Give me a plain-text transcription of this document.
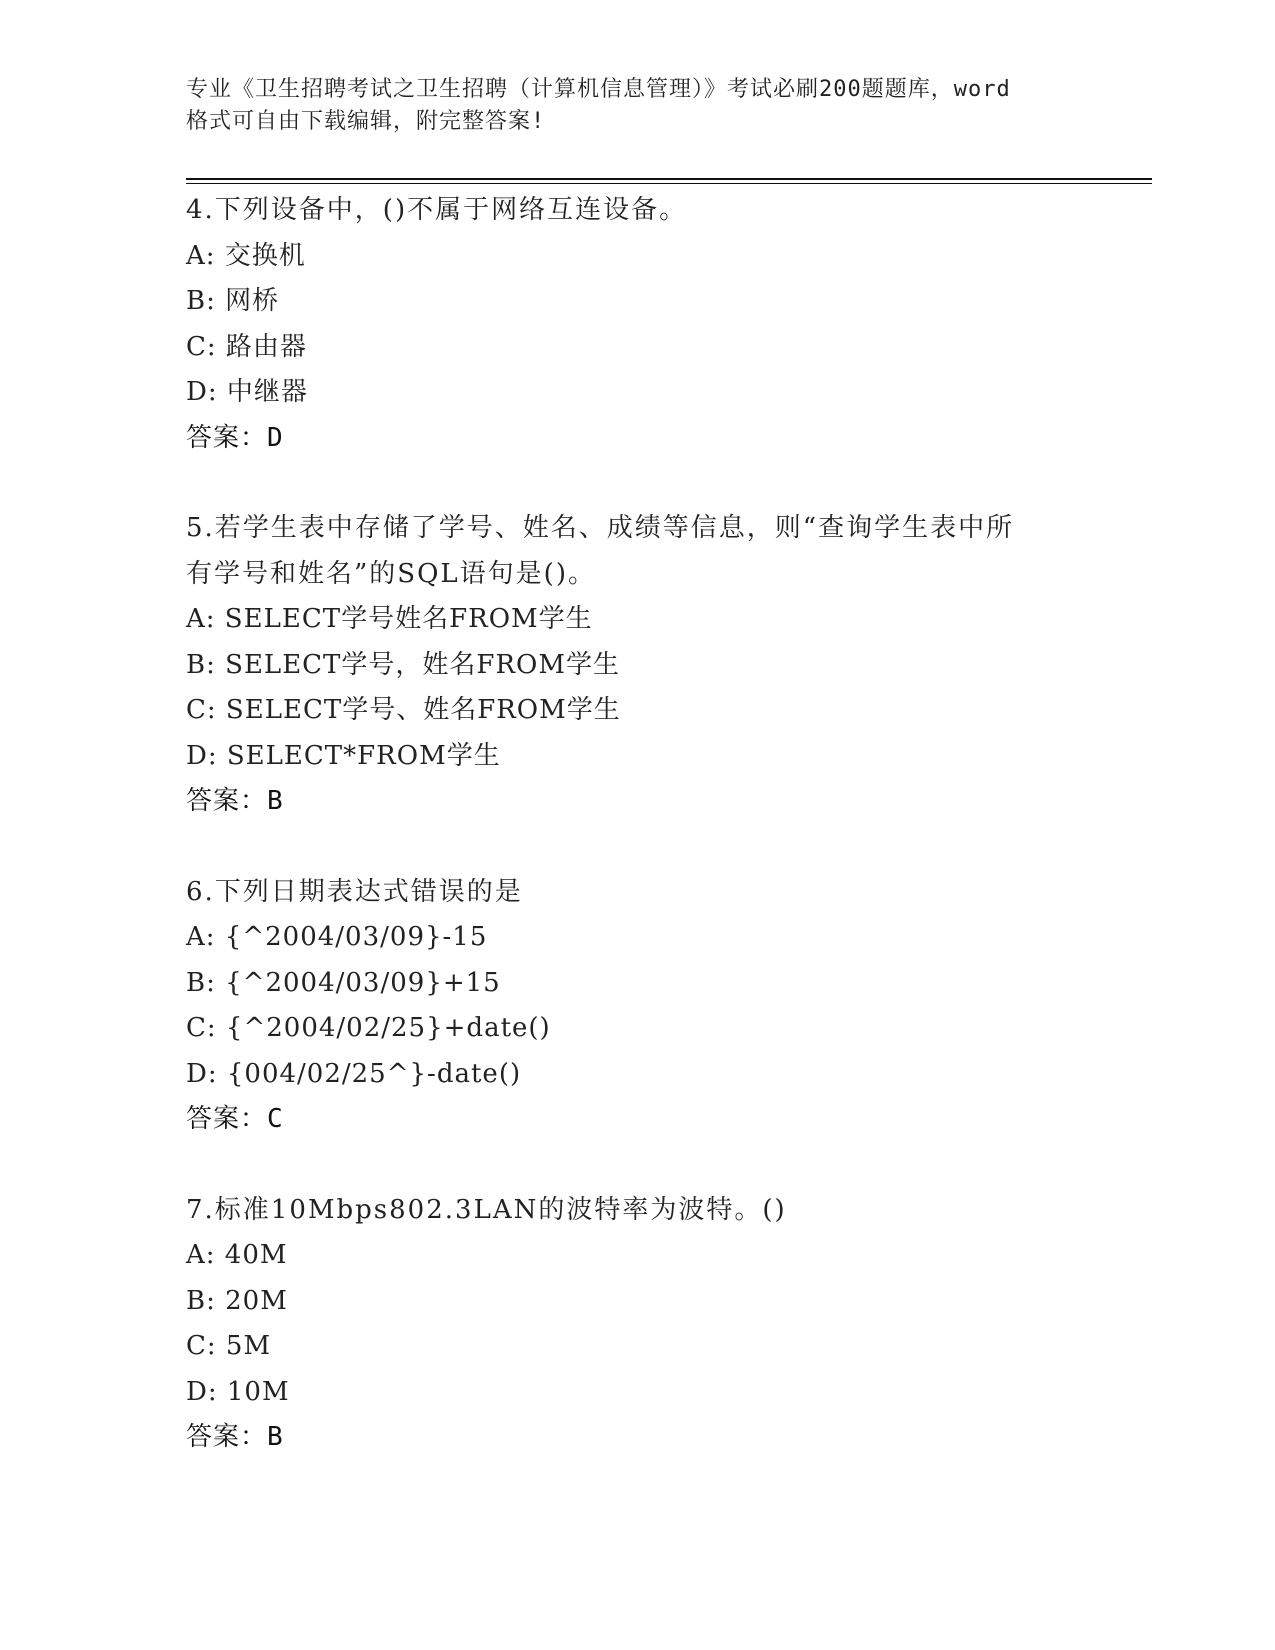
专业《卫生招聘考试之卫生招聘（计算机信息管理）》考试必刷200题题库，word
格式可自由下载编辑，附完整答案!
4.下列设备中，()不属于网络互连设备。
A: 交换机
B: 网桥
C: 路由器
D: 中继器
答案：D
5.若学生表中存储了学号、姓名、成绩等信息，则“查询学生表中所
有学号和姓名”的SQL语句是()。
A: SELECT学号姓名FROM学生
B: SELECT学号，姓名FROM学生
C: SELECT学号、姓名FROM学生
D: SELECT*FROM学生
答案：B
6.下列日期表达式错误的是
A: {^2004/03/09}-15
B: {^2004/03/09}+15
C: {^2004/02/25}+date()
D: {004/02/25^}-date()
答案：C
7.标准10Mbps802.3LAN的波特率为波特。()
A: 40M
B: 20M
C: 5M
D: 10M
答案：B
